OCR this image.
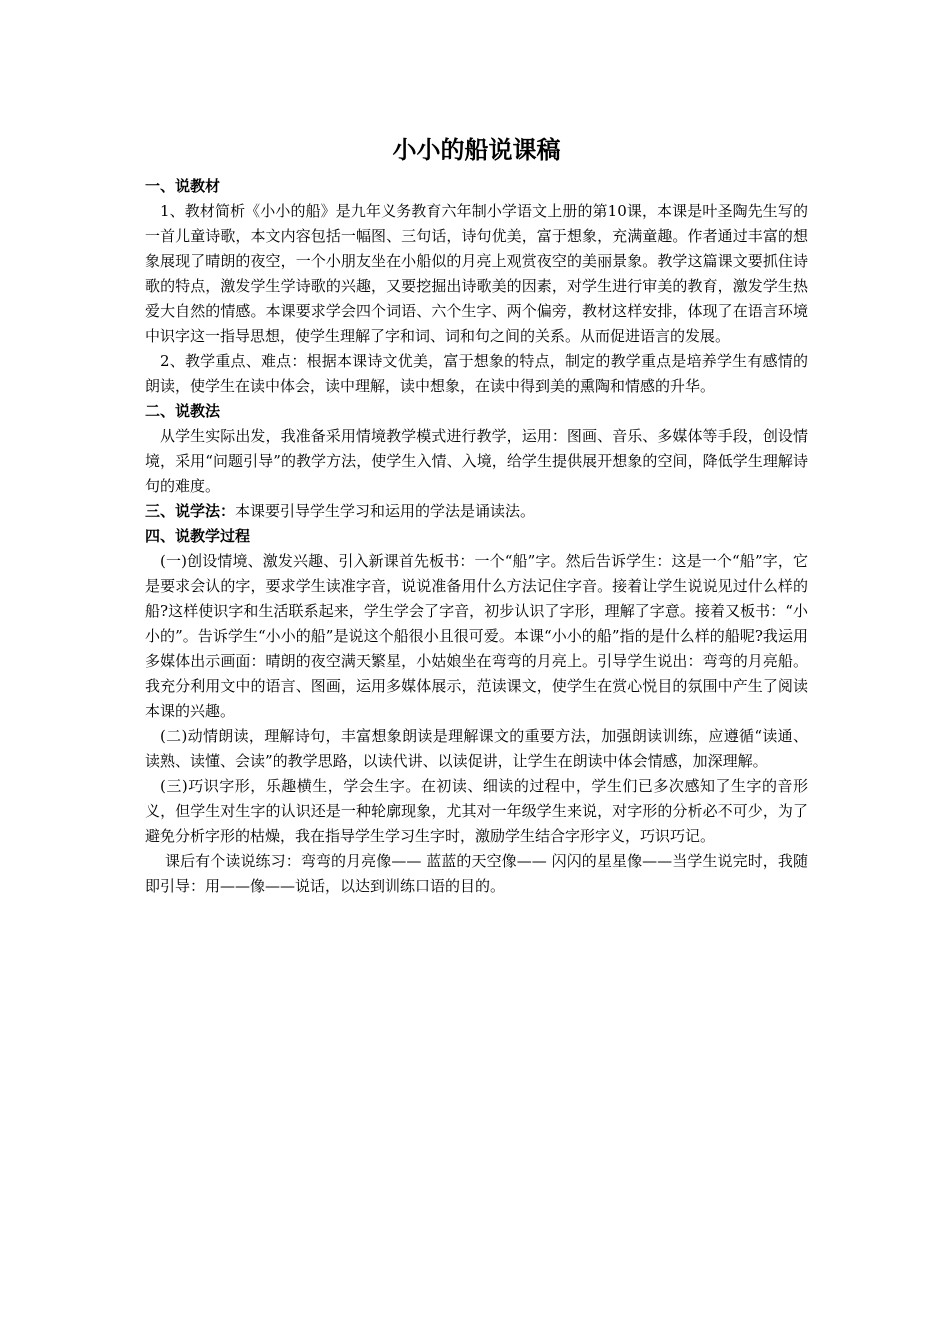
小小的船说课稿

一、说教材

1、教材简析《小小的船》是九年义务教育六年制小学语文上册的第10课，本课是叶圣陶先生写的一首儿童诗歌，本文内容包括一幅图、三句话，诗句优美，富于想象，充满童趣。作者通过丰富的想象展现了晴朗的夜空，一个小朋友坐在小船似的月亮上观赏夜空的美丽景象。教学这篇课文要抓住诗歌的特点，激发学生学诗歌的兴趣，又要挖掘出诗歌美的因素，对学生进行审美的教育，激发学生热爱大自然的情感。本课要求学会四个词语、六个生字、两个偏旁，教材这样安排，体现了在语言环境中识字这一指导思想，使学生理解了字和词、词和句之间的关系。从而促进语言的发展。

2、教学重点、难点：根据本课诗文优美，富于想象的特点，制定的教学重点是培养学生有感情的朗读，使学生在读中体会，读中理解，读中想象，在读中得到美的熏陶和情感的升华。

二、说教法

从学生实际出发，我准备采用情境教学模式进行教学，运用：图画、音乐、多媒体等手段，创设情境，采用“问题引导”的教学方法，使学生入情、入境，给学生提供展开想象的空间，降低学生理解诗句的难度。

三、说学法：本课要引导学生学习和运用的学法是诵读法。

四、说教学过程

(一)创设情境、激发兴趣、引入新课首先板书：一个“船”字。然后告诉学生：这是一个“船”字，它是要求会认的字，要求学生读准字音，说说准备用什么方法记住字音。接着让学生说说见过什么样的船?这样使识字和生活联系起来，学生学会了字音，初步认识了字形，理解了字意。接着又板书：“小小的”。告诉学生“小小的船”是说这个船很小且很可爱。本课“小小的船”指的是什么样的船呢?我运用多媒体出示画面：晴朗的夜空满天繁星，小姑娘坐在弯弯的月亮上。引导学生说出：弯弯的月亮船。我充分利用文中的语言、图画，运用多媒体展示，范读课文，使学生在赏心悦目的氛围中产生了阅读本课的兴趣。

(二)动情朗读，理解诗句，丰富想象朗读是理解课文的重要方法，加强朗读训练，应遵循“读通、读熟、读懂、会读”的教学思路，以读代讲、以读促讲，让学生在朗读中体会情感，加深理解。

(三)巧识字形，乐趣横生，学会生字。在初读、细读的过程中，学生们已多次感知了生字的音形义，但学生对生字的认识还是一种轮廓现象，尤其对一年级学生来说，对字形的分析必不可少，为了避免分析字形的枯燥，我在指导学生学习生字时，激励学生结合字形字义，巧识巧记。

课后有个读说练习：弯弯的月亮像—— 蓝蓝的天空像—— 闪闪的星星像——当学生说完时，我随即引导：用——像——说话，以达到训练口语的目的。
